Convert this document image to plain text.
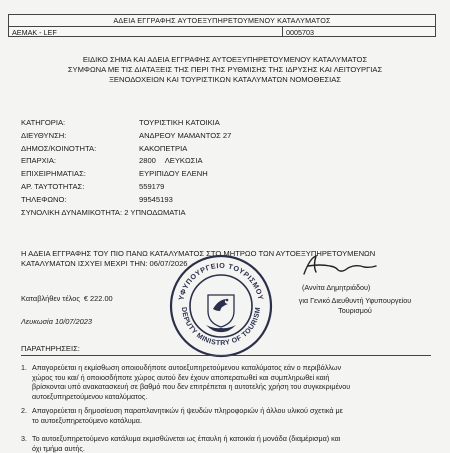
ΑΔΕΙΑ ΕΓΓΡΑΦΗΣ ΑΥΤΟΕΞΥΠΗΡΕΤΟΥΜΕΝΟΥ ΚΑΤΑΛΥΜΑΤΟΣ
AEMAK - LEF	0005703
ΕΙΔΙΚΟ ΣΗΜΑ ΚΑΙ ΑΔΕΙΑ ΕΓΓΡΑΦΗΣ ΑΥΤΟΕΞΥΠΗΡΕΤΟΥΜΕΝΟΥ ΚΑΤΑΛΥΜΑΤΟΣ
ΣΥΜΦΩΝΑ ΜΕ ΤΙΣ ΔΙΑΤΑΞΕΙΣ ΤΗΣ ΠΕΡΙ ΤΗΣ ΡΥΘΜΙΣΗΣ ΤΗΣ ΙΔΡΥΣΗΣ ΚΑΙ ΛΕΙΤΟΥΡΓΙΑΣ
ΞΕΝΟΔΟΧΕΙΩΝ ΚΑΙ ΤΟΥΡΙΣΤΙΚΩΝ ΚΑΤΑΛΥΜΑΤΩΝ ΝΟΜΟΘΕΣΙΑΣ
ΚΑΤΗΓΟΡΙΑ:	ΤΟΥΡΙΣΤΙΚΗ ΚΑΤΟΙΚΙΑ
ΔΙΕΥΘΥΝΣΗ:	ΑΝΔΡΕΟΥ ΜΑΜΑΝΤΟΣ 27
ΔΗΜΟΣ/ΚΟΙΝΟΤΗΤΑ:	ΚΑΚΟΠΕΤΡΙΑ
ΕΠΑΡΧΙΑ:	2800 ΛΕΥΚΩΣΙΑ
ΕΠΙΧΕΙΡΗΜΑΤΙΑΣ:	ΕΥΡΙΠΙΔΟΥ ΕΛΕΝΗ
ΑΡ. ΤΑΥΤΟΤΗΤΑΣ:	559179
ΤΗΛΕΦΩΝΟ:	99545193
ΣΥΝΟΛΙΚΗ ΔΥΝΑΜΙΚΟΤΗΤΑ: 2 ΥΠΝΟΔΩΜΑΤΙΑ
Η ΑΔΕΙΑ ΕΓΓΡΑΦΗΣ ΤΟΥ ΠΙΟ ΠΑΝΩ ΚΑΤΑΛΥΜΑΤΟΣ ΣΤΟ ΜΗΤΡΩΟ ΤΩΝ ΑΥΤΟΕΞΥΠΗΡΕΤΟΥΜΕΝΩΝ
ΚΑΤΑΛΥΜΑΤΩΝ ΙΣΧΥΕΙ ΜΕΧΡΙ ΤΗΝ: 06/07/2026
ΥΦΥΠΟΥΡΓΕΙΟ ΤΟΥΡΙΣΜΟΥ
DEPUTY MINISTRY OF TOURISM
(Αννίτα Δημητριάδου)
για Γενικό Διευθυντή Υφυπουργείου
Τουρισμού
Καταβλήθεν τέλος € 222.00
Λευκωσία 10/07/2023
ΠΑΡΑΤΗΡΗΣΕΙΣ:
1. Απαγορεύεται η εκμίσθωση οποιουδήποτε αυτοεξυπηρετούμενου καταλύματος εάν ο περιβάλλων
χώρος του και/ ή οποιοσδήποτε χώρος αυτού δεν έχουν αποπερατωθεί και συμπληρωθεί καιή
βρίσκονται υπό ανακατασκευή σε βαθμό που δεν επιτρέπεται η αυτοτελής χρήση του συγκεκριμένου
αυτοεξυπηρετούμενου καταλύματος.
2. Απαγορεύεται η δημοσίευση παραπλανητικών ή ψευδών πληροφοριών ή άλλου υλικού σχετικά με
το αυτοεξυπηρετούμενο κατάλυμα.
3. Το αυτοεξυπηρετούμενο κατάλυμα εκμισθώνεται ως έπαυλη ή κατοικία ή μονάδα (διαμέρισμα) και
όχι τμήμα αυτής.
